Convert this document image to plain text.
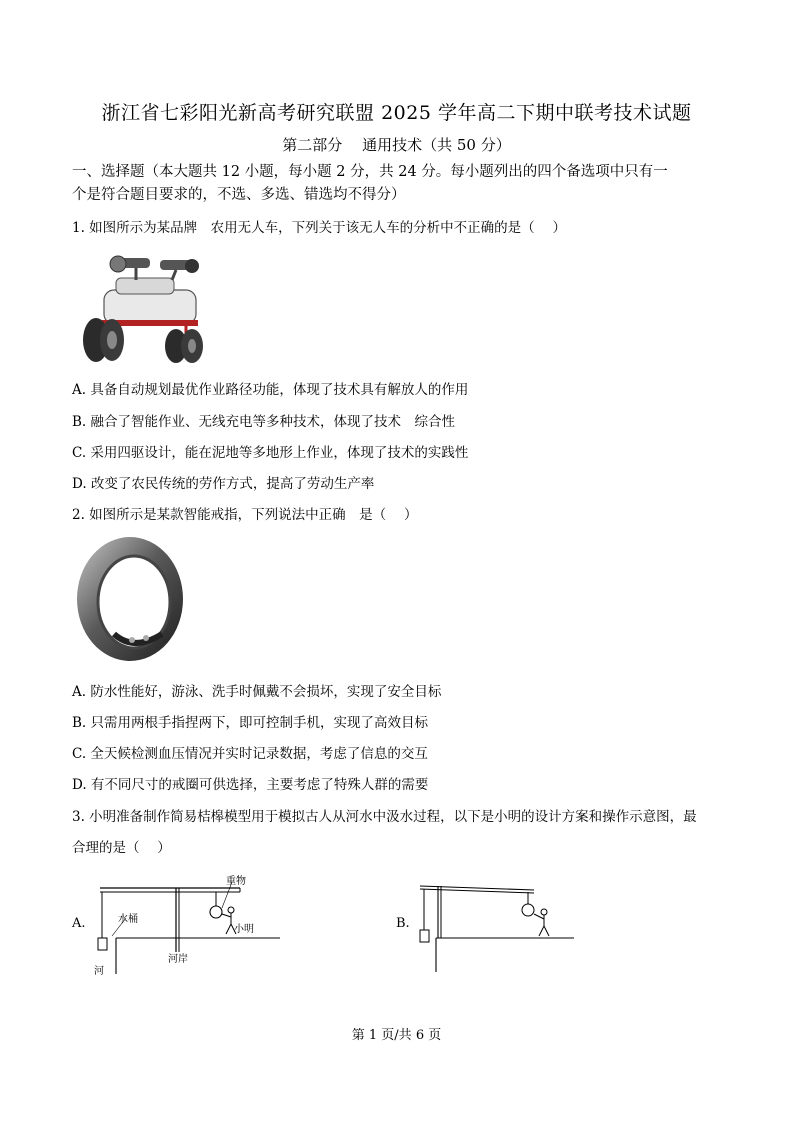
浙江省七彩阳光新高考研究联盟 2025 学年高二下期中联考技术试题
第二部分　 通用技术（共 50 分）
一、选择题（本大题共 12 小题，每小题 2 分，共 24 分。每小题列出的四个备选项中只有一
个是符合题目要求的，不选、多选、错选均不得分）
1. 如图所示为某品牌　农用无人车，下列关于该无人车的分析中不正确的是（　 ）
A. 具备自动规划最优作业路径功能，体现了技术具有解放人的作用
B. 融合了智能作业、无线充电等多种技术，体现了技术　综合性
C. 采用四驱设计，能在泥地等多地形上作业，体现了技术的实践性
D. 改变了农民传统的劳作方式，提高了劳动生产率
2. 如图所示是某款智能戒指，下列说法中正确　是（　 ）
A. 防水性能好，游泳、洗手时佩戴不会损坏，实现了安全目标
B. 只需用两根手指捏两下，即可控制手机，实现了高效目标
C. 全天候检测血压情况并实时记录数据，考虑了信息的交互
D. 有不同尺寸的戒圈可供选择，主要考虑了特殊人群的需要
3. 小明准备制作简易桔槔模型用于模拟古人从河水中汲水过程，以下是小明的设计方案和操作示意图，最
合理的是（　 ）
A.
重物
水桶
小明
河岸
河
B.
第 1 页/共 6 页
